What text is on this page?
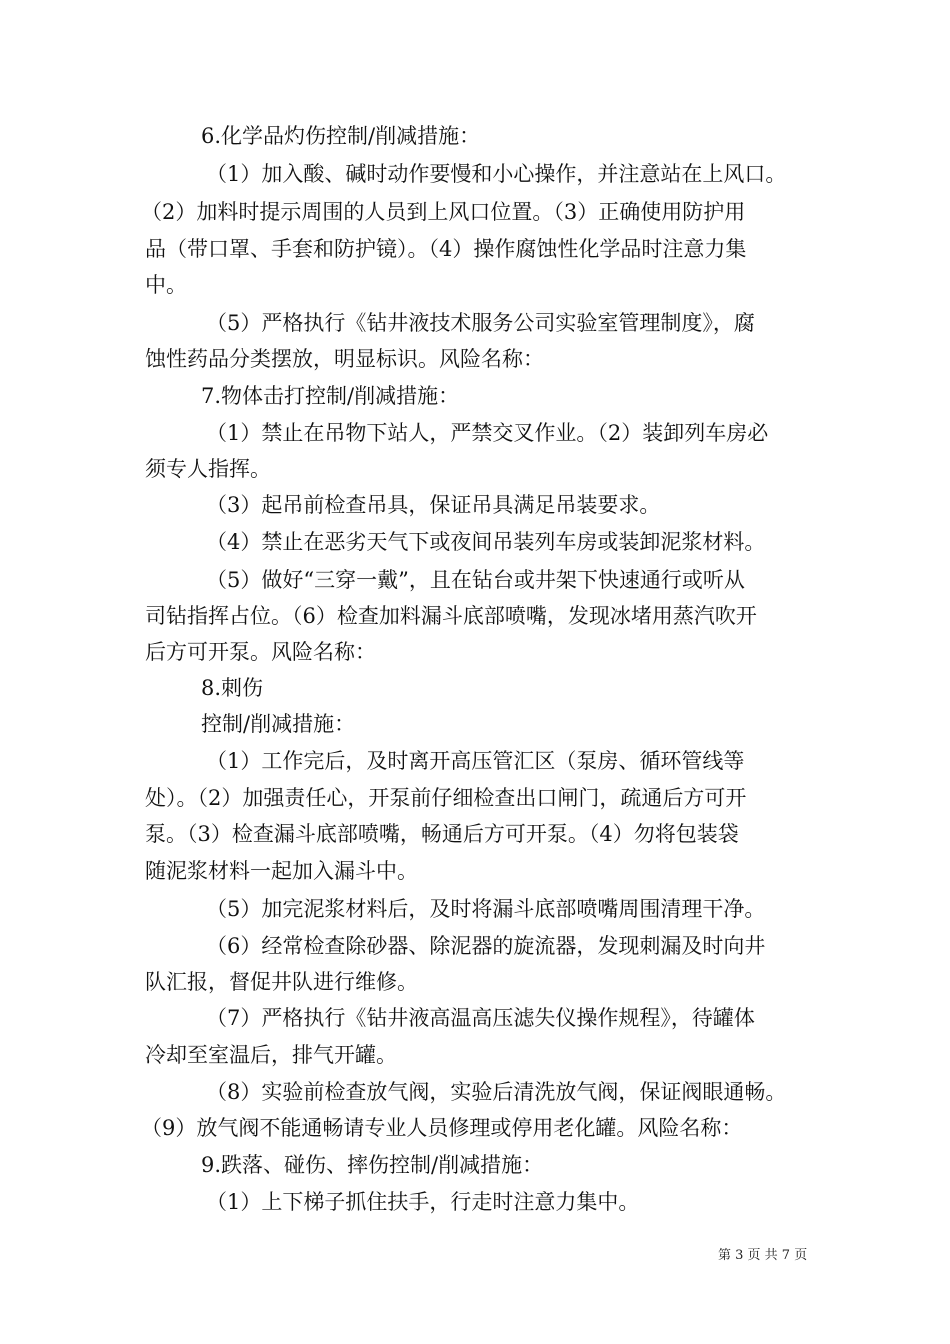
6.化学品灼伤控制/削减措施：
（1）加入酸、碱时动作要慢和小心操作，并注意站在上风口。
（2）加料时提示周围的人员到上风口位置。（3）正确使用防护用
品（带口罩、手套和防护镜）。（4）操作腐蚀性化学品时注意力集
中。
（5）严格执行《钻井液技术服务公司实验室管理制度》，腐
蚀性药品分类摆放，明显标识。风险名称：
7.物体击打控制/削减措施：
（1）禁止在吊物下站人，严禁交叉作业。（2）装卸列车房必
须专人指挥。
（3）起吊前检查吊具，保证吊具满足吊装要求。
（4）禁止在恶劣天气下或夜间吊装列车房或装卸泥浆材料。
（5）做好“三穿一戴”，且在钻台或井架下快速通行或听从
司钻指挥占位。（6）检查加料漏斗底部喷嘴，发现冰堵用蒸汽吹开
后方可开泵。风险名称：
8.刺伤
控制/削减措施：
（1）工作完后，及时离开高压管汇区（泵房、循环管线等
处）。（2）加强责任心，开泵前仔细检查出口闸门，疏通后方可开
泵。（3）检查漏斗底部喷嘴，畅通后方可开泵。（4）勿将包装袋
随泥浆材料一起加入漏斗中。
（5）加完泥浆材料后，及时将漏斗底部喷嘴周围清理干净。
（6）经常检查除砂器、除泥器的旋流器，发现刺漏及时向井
队汇报，督促井队进行维修。
（7）严格执行《钻井液高温高压滤失仪操作规程》，待罐体
冷却至室温后，排气开罐。
（8）实验前检查放气阀，实验后清洗放气阀，保证阀眼通畅。
（9）放气阀不能通畅请专业人员修理或停用老化罐。风险名称：
9.跌落、碰伤、摔伤控制/削减措施：
（1）上下梯子抓住扶手，行走时注意力集中。
第 3 页 共 7 页
